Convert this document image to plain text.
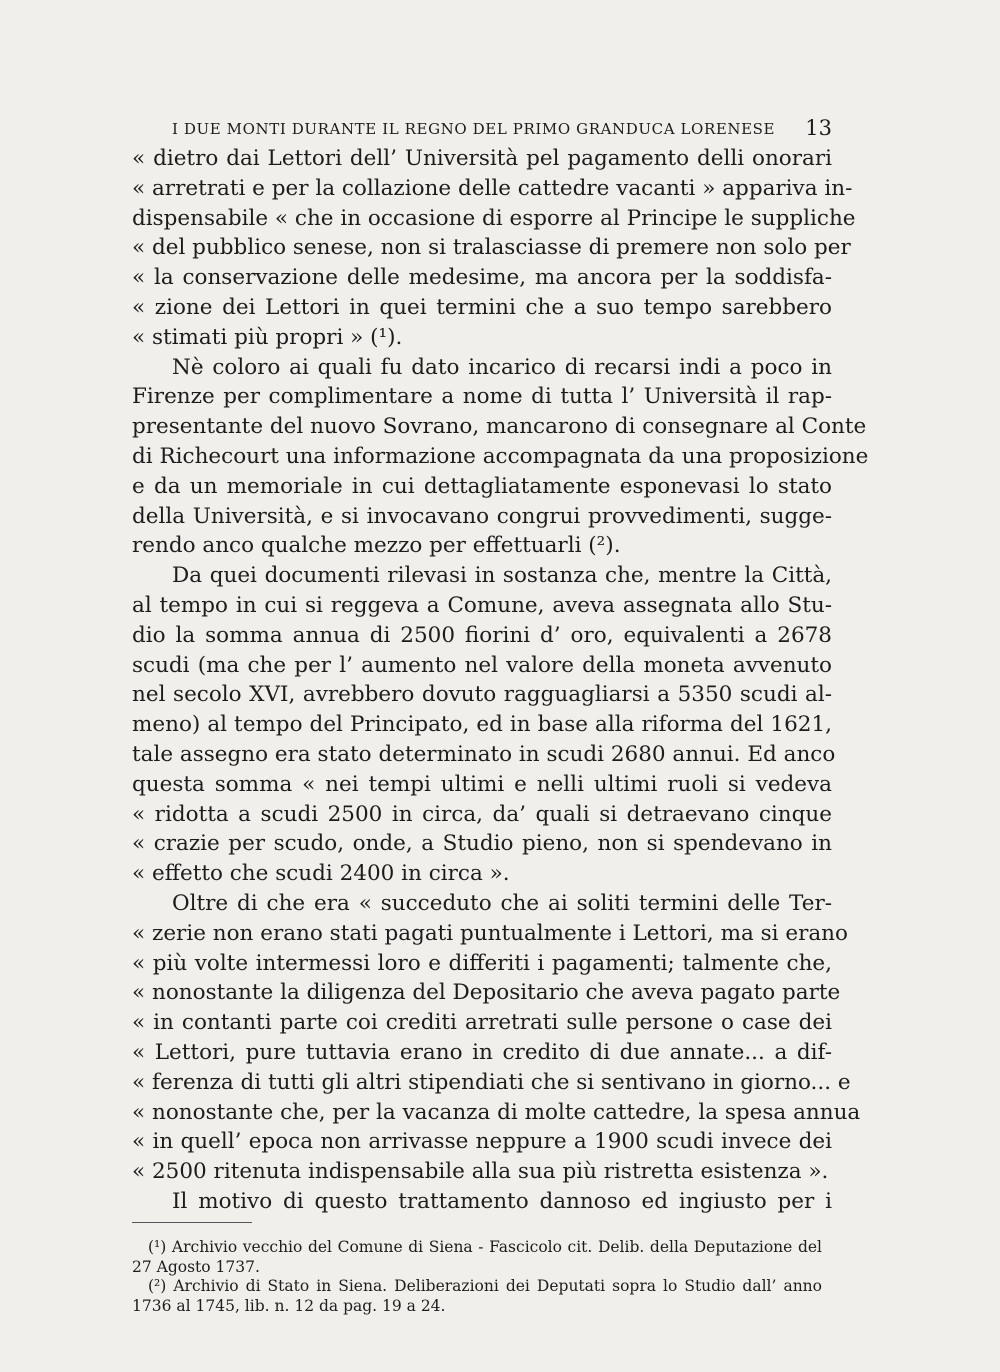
I DUE MONTI DURANTE IL REGNO DEL PRIMO GRANDUCA LORENESE 13
« dietro dai Lettori dell’ Università pel pagamento delli onorari
« arretrati e per la collazione delle cattedre vacanti » appariva in-
dispensabile « che in occasione di esporre al Principe le suppliche
« del pubblico senese, non si tralasciasse di premere non solo per
« la conservazione delle medesime, ma ancora per la soddisfa-
« zione dei Lettori in quei termini che a suo tempo sarebbero
« stimati più propri » (¹).
Nè coloro ai quali fu dato incarico di recarsi indi a poco in
Firenze per complimentare a nome di tutta l’ Università il rap-
presentante del nuovo Sovrano, mancarono di consegnare al Conte
di Richecourt una informazione accompagnata da una proposizione
e da un memoriale in cui dettagliatamente esponevasi lo stato
della Università, e si invocavano congrui provvedimenti, sugge-
rendo anco qualche mezzo per effettuarli (²).
Da quei documenti rilevasi in sostanza che, mentre la Città,
al tempo in cui si reggeva a Comune, aveva assegnata allo Stu-
dio la somma annua di 2500 fiorini d’ oro, equivalenti a 2678
scudi (ma che per l’ aumento nel valore della moneta avvenuto
nel secolo XVI, avrebbero dovuto ragguagliarsi a 5350 scudi al-
meno) al tempo del Principato, ed in base alla riforma del 1621,
tale assegno era stato determinato in scudi 2680 annui. Ed anco
questa somma « nei tempi ultimi e nelli ultimi ruoli si vedeva
« ridotta a scudi 2500 in circa, da’ quali si detraevano cinque
« crazie per scudo, onde, a Studio pieno, non si spendevano in
« effetto che scudi 2400 in circa ».
Oltre di che era « succeduto che ai soliti termini delle Ter-
« zerie non erano stati pagati puntualmente i Lettori, ma si erano
« più volte intermessi loro e differiti i pagamenti; talmente che,
« nonostante la diligenza del Depositario che aveva pagato parte
« in contanti parte coi crediti arretrati sulle persone o case dei
« Lettori, pure tuttavia erano in credito di due annate... a dif-
« ferenza di tutti gli altri stipendiati che si sentivano in giorno... e
« nonostante che, per la vacanza di molte cattedre, la spesa annua
« in quell’ epoca non arrivasse neppure a 1900 scudi invece dei
« 2500 ritenuta indispensabile alla sua più ristretta esistenza ».
Il motivo di questo trattamento dannoso ed ingiusto per i
(¹) Archivio vecchio del Comune di Siena - Fascicolo cit. Delib. della Deputazione del
27 Agosto 1737.
(²) Archivio di Stato in Siena. Deliberazioni dei Deputati sopra lo Studio dall’ anno
1736 al 1745, lib. n. 12 da pag. 19 a 24.
